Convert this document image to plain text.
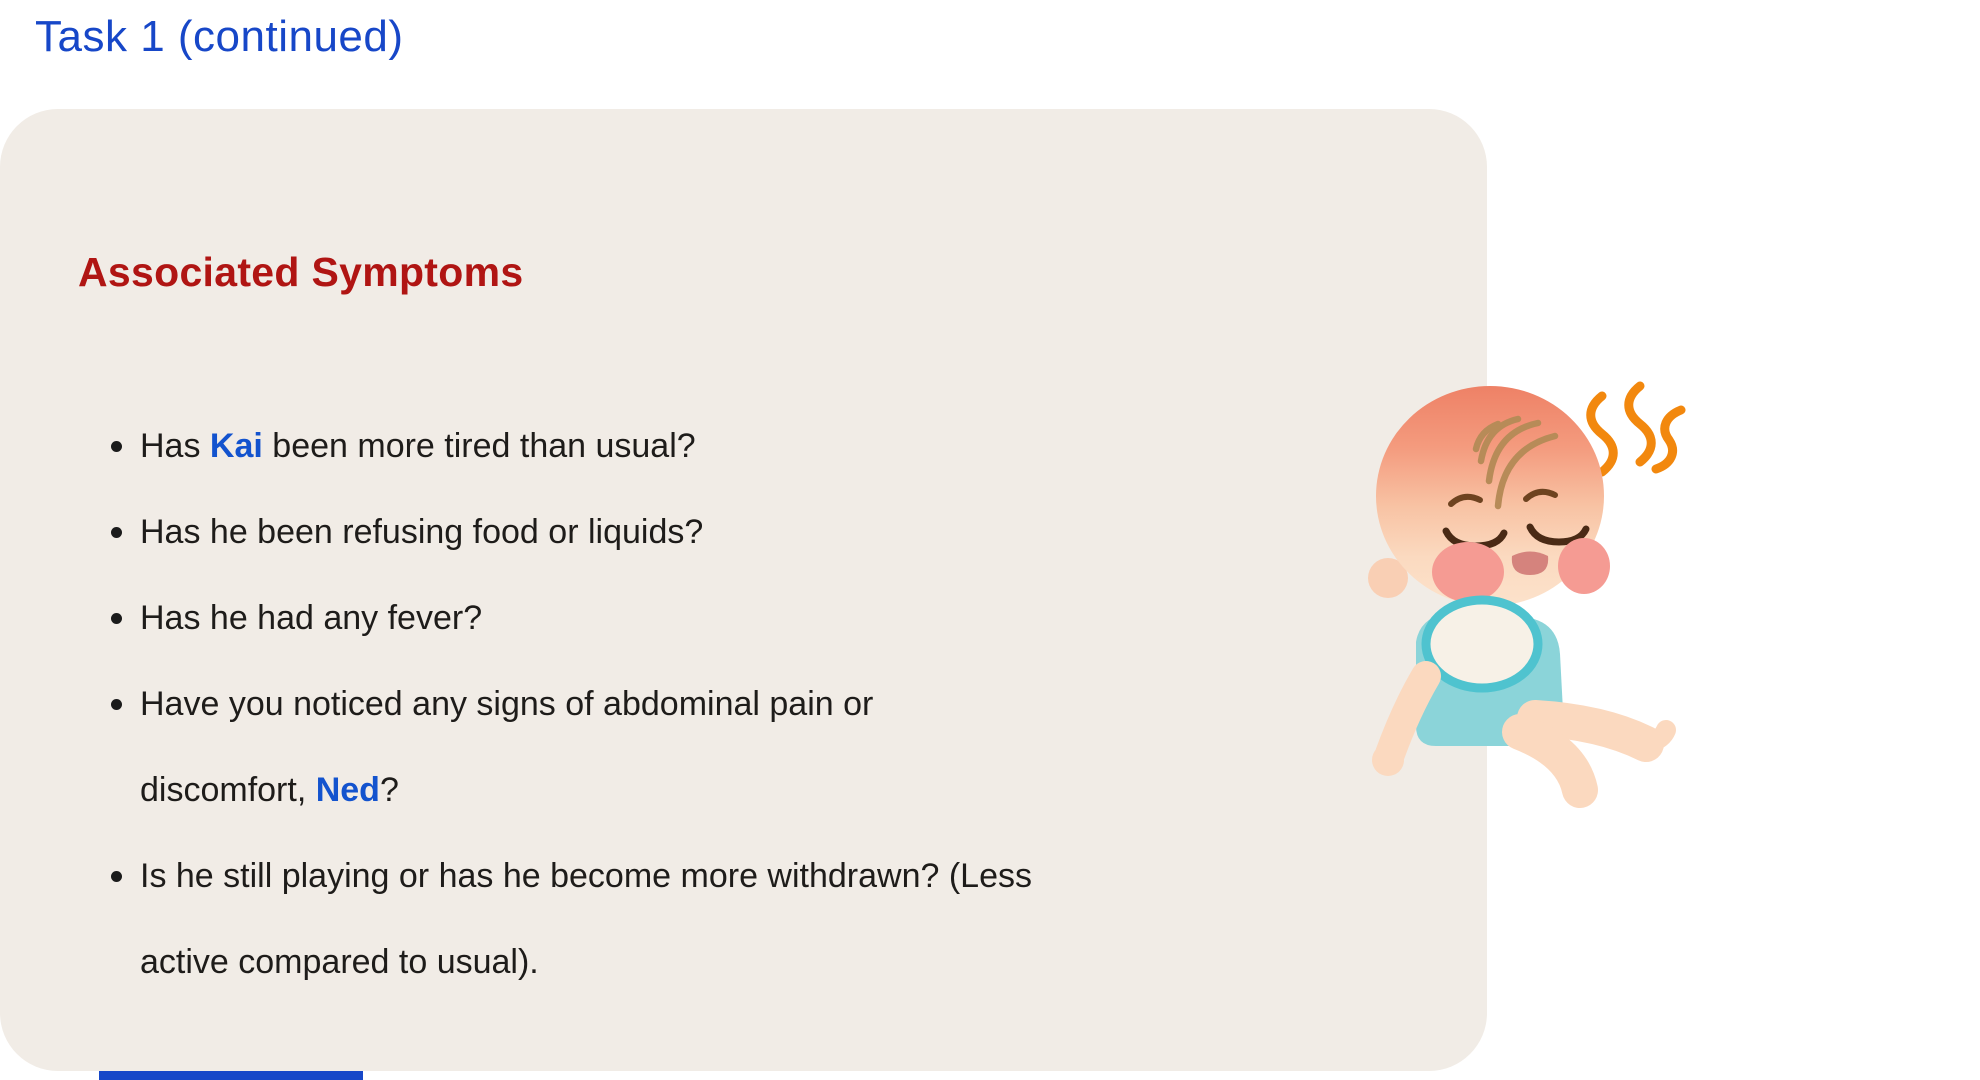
Task 1 (continued)
Associated Symptoms
Has Kai been more tired than usual?
Has he been refusing food or liquids?
Has he had any fever?
Have you noticed any signs of abdominal pain or discomfort, Ned?
Is he still playing or has he become more withdrawn? (Less active compared to usual).
